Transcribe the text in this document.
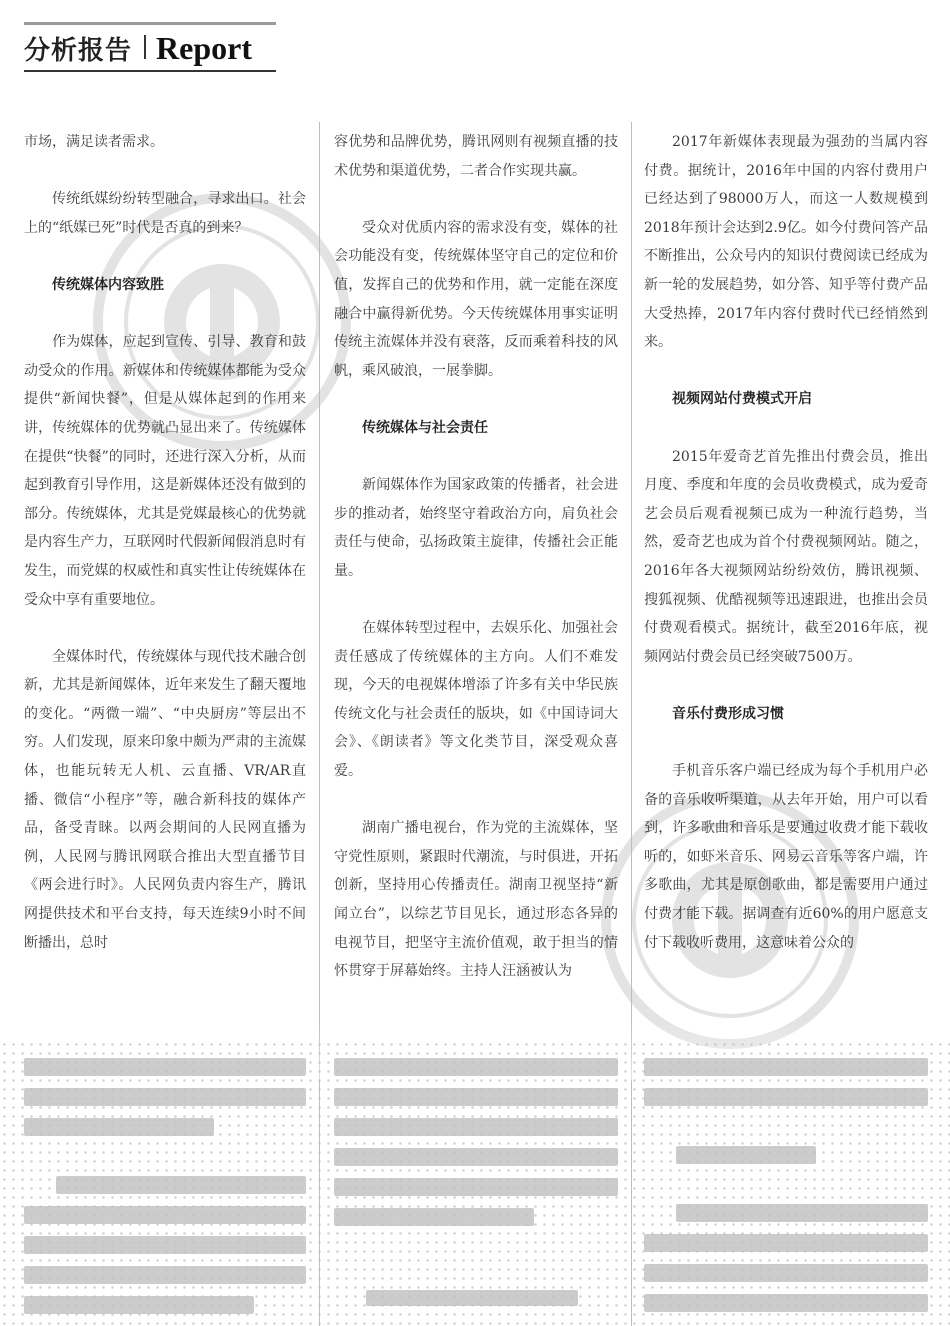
分析报告 Report

市场，满足读者需求。

传统纸媒纷纷转型融合，寻求出口。社会上的“纸媒已死”时代是否真的到来？

传统媒体内容致胜

作为媒体，应起到宣传、引导、教育和鼓动受众的作用。新媒体和传统媒体都能为受众提供“新闻快餐”，但是从媒体起到的作用来讲，传统媒体的优势就凸显出来了。传统媒体在提供“快餐”的同时，还进行深入分析，从而起到教育引导作用，这是新媒体还没有做到的部分。传统媒体，尤其是党媒最核心的优势就是内容生产力，互联网时代假新闻假消息时有发生，而党媒的权威性和真实性让传统媒体在受众中享有重要地位。

全媒体时代，传统媒体与现代技术融合创新，尤其是新闻媒体，近年来发生了翻天覆地的变化。“两微一端”、“中央厨房”等层出不穷。人们发现，原来印象中颇为严肃的主流媒体，也能玩转无人机、云直播、VR/AR直播、微信“小程序”等，融合新科技的媒体产品，备受青睐。以两会期间的人民网直播为例，人民网与腾讯网联合推出大型直播节目《两会进行时》。人民网负责内容生产，腾讯网提供技术和平台支持，每天连续9小时不间断播出，总时

容优势和品牌优势，腾讯网则有视频直播的技术优势和渠道优势，二者合作实现共赢。

受众对优质内容的需求没有变，媒体的社会功能没有变，传统媒体坚守自己的定位和价值，发挥自己的优势和作用，就一定能在深度融合中赢得新优势。今天传统媒体用事实证明传统主流媒体并没有衰落，反而乘着科技的风帆，乘风破浪，一展拳脚。

传统媒体与社会责任

新闻媒体作为国家政策的传播者，社会进步的推动者，始终坚守着政治方向，肩负社会责任与使命，弘扬政策主旋律，传播社会正能量。

在媒体转型过程中，去娱乐化、加强社会责任感成了传统媒体的主方向。人们不难发现，今天的电视媒体增添了许多有关中华民族传统文化与社会责任的版块，如《中国诗词大会》、《朗读者》等文化类节目，深受观众喜爱。

湖南广播电视台，作为党的主流媒体，坚守党性原则，紧跟时代潮流，与时俱进，开拓创新，坚持用心传播责任。湖南卫视坚持“新闻立台”，以综艺节目见长，通过形态各异的电视节目，把坚守主流价值观，敢于担当的情怀贯穿于屏幕始终。主持人汪涵被认为

2017年新媒体表现最为强劲的当属内容付费。据统计，2016年中国的内容付费用户已经达到了98000万人，而这一人数规模到2018年预计会达到2.9亿。如今付费问答产品不断推出，公众号内的知识付费阅读已经成为新一轮的发展趋势，如分答、知乎等付费产品大受热捧，2017年内容付费时代已经悄然到来。

视频网站付费模式开启

2015年爱奇艺首先推出付费会员，推出月度、季度和年度的会员收费模式，成为爱奇艺会员后观看视频已成为一种流行趋势，当然，爱奇艺也成为首个付费视频网站。随之，2016年各大视频网站纷纷效仿，腾讯视频、搜狐视频、优酷视频等迅速跟进，也推出会员付费观看模式。据统计，截至2016年底，视频网站付费会员已经突破7500万。

音乐付费形成习惯

手机音乐客户端已经成为每个手机用户必备的音乐收听渠道，从去年开始，用户可以看到，许多歌曲和音乐是要通过收费才能下载收听的，如虾米音乐、网易云音乐等客户端，许多歌曲，尤其是原创歌曲，都是需要用户通过付费才能下载。据调查有近60%的用户愿意支付下载收听费用，这意味着公众的
